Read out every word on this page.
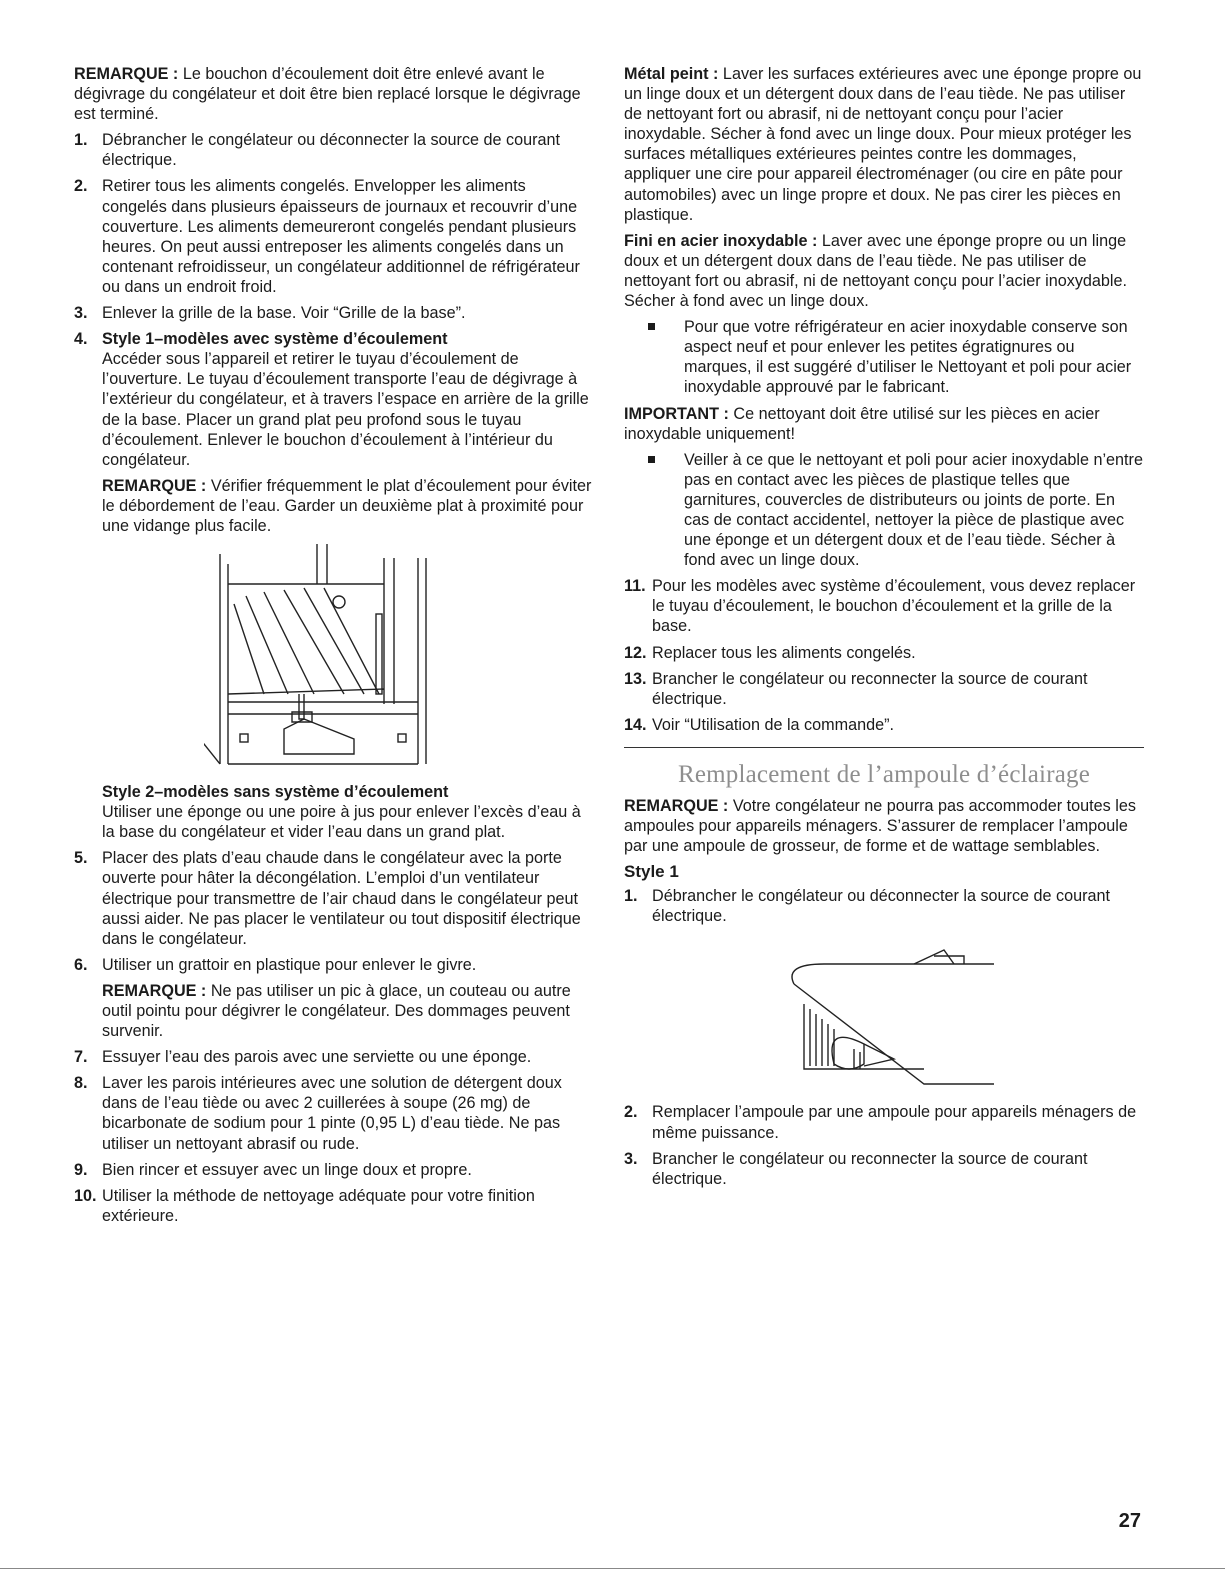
REMARQUE : Le bouchon d’écoulement doit être enlevé avant le dégivrage du congélateur et doit être bien replacé lorsque le dégivrage est terminé.

1. Débrancher le congélateur ou déconnecter la source de courant électrique.
2. Retirer tous les aliments congelés. Envelopper les aliments congelés dans plusieurs épaisseurs de journaux et recouvrir d’une couverture. Les aliments demeureront congelés pendant plusieurs heures. On peut aussi entreposer les aliments congelés dans un contenant refroidisseur, un congélateur additionnel de réfrigérateur ou dans un endroit froid.
3. Enlever la grille de la base. Voir “Grille de la base”.
4. Style 1–modèles avec système d’écoulement
Accéder sous l’appareil et retirer le tuyau d’écoulement de l’ouverture. Le tuyau d’écoulement transporte l’eau de dégivrage à l’extérieur du congélateur, et à travers l’espace en arrière de la grille de la base. Placer un grand plat peu profond sous le tuyau d’écoulement. Enlever le bouchon d’écoulement à l’intérieur du congélateur.
REMARQUE : Vérifier fréquemment le plat d’écoulement pour éviter le débordement de l’eau. Garder un deuxième plat à proximité pour une vidange plus facile.
Style 2–modèles sans système d’écoulement

Utiliser une éponge ou une poire à jus pour enlever l’excès d’eau à la base du congélateur et vider l’eau dans un grand plat.

5. Placer des plats d’eau chaude dans le congélateur avec la porte ouverte pour hâter la décongélation. L’emploi d’un ventilateur électrique pour transmettre de l’air chaud dans le congélateur peut aussi aider. Ne pas placer le ventilateur ou tout dispositif électrique dans le congélateur.
6. Utiliser un grattoir en plastique pour enlever le givre.
REMARQUE : Ne pas utiliser un pic à glace, un couteau ou autre outil pointu pour dégivrer le congélateur. Des dommages peuvent survenir.
7. Essuyer l’eau des parois avec une serviette ou une éponge.
8. Laver les parois intérieures avec une solution de détergent doux dans de l’eau tiède ou avec 2 cuillerées à soupe (26 mg) de bicarbonate de sodium pour 1 pinte (0,95 L) d’eau tiède. Ne pas utiliser un nettoyant abrasif ou rude.
9. Bien rincer et essuyer avec un linge doux et propre.
10. Utiliser la méthode de nettoyage adéquate pour votre finition extérieure.

Métal peint : Laver les surfaces extérieures avec une éponge propre ou un linge doux et un détergent doux dans de l’eau tiède. Ne pas utiliser de nettoyant fort ou abrasif, ni de nettoyant conçu pour l’acier inoxydable. Sécher à fond avec un linge doux. Pour mieux protéger les surfaces métalliques extérieures peintes contre les dommages, appliquer une cire pour appareil électroménager (ou cire en pâte pour automobiles) avec un linge propre et doux. Ne pas cirer les pièces en plastique.

Fini en acier inoxydable : Laver avec une éponge propre ou un linge doux et un détergent doux dans de l’eau tiède. Ne pas utiliser de nettoyant fort ou abrasif, ni de nettoyant conçu pour l’acier inoxydable. Sécher à fond avec un linge doux.

Pour que votre réfrigérateur en acier inoxydable conserve son aspect neuf et pour enlever les petites égratignures ou marques, il est suggéré d’utiliser le Nettoyant et poli pour acier inoxydable approuvé par le fabricant.

IMPORTANT : Ce nettoyant doit être utilisé sur les pièces en acier inoxydable uniquement!

Veiller à ce que le nettoyant et poli pour acier inoxydable n’entre pas en contact avec les pièces de plastique telles que garnitures, couvercles de distributeurs ou joints de porte. En cas de contact accidentel, nettoyer la pièce de plastique avec une éponge et un détergent doux et de l’eau tiède. Sécher à fond avec un linge doux.
11. Pour les modèles avec système d’écoulement, vous devez replacer le tuyau d’écoulement, le bouchon d’écoulement et la grille de la base.
12. Replacer tous les aliments congelés.
13. Brancher le congélateur ou reconnecter la source de courant électrique.
14. Voir “Utilisation de la commande”.
Remplacement de l’ampoule d’éclairage

REMARQUE : Votre congélateur ne pourra pas accommoder toutes les ampoules pour appareils ménagers. S’assurer de remplacer l’ampoule par une ampoule de grosseur, de forme et de wattage semblables.

Style 1
1. Débrancher le congélateur ou déconnecter la source de courant électrique.
2. Remplacer l’ampoule par une ampoule pour appareils ménagers de même puissance.
3. Brancher le congélateur ou reconnecter la source de courant électrique.
27
